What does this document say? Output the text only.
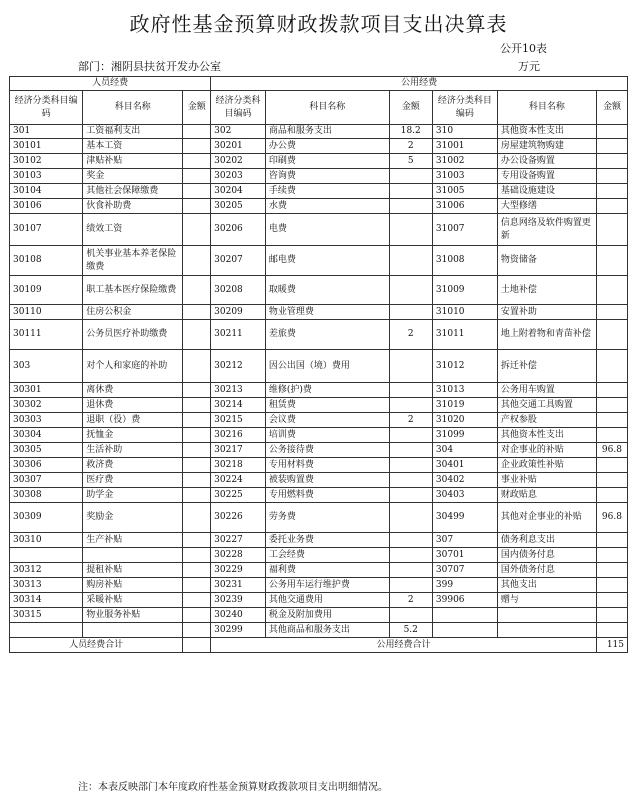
政府性基金预算财政拨款项目支出决算表
公开10表
部门：湘阴县扶贫开发办公室	万元
人员经费			公用经费					
经济分类科目编码	科目名称	金额	经济分类科目编码	科目名称	金额	经济分类科目编码	科目名称	金额
301	工资福利支出		302	商品和服务支出	18.2	310	其他资本性支出	
30101	基本工资		30201	办公费	2	31001	房屋建筑物购建	
30102	津贴补贴		30202	印刷费	5	31002	办公设备购置	
30103	奖金		30203	咨询费		31003	专用设备购置	
30104	其他社会保障缴费		30204	手续费		31005	基础设施建设	
30106	伙食补助费		30205	水费		31006	大型修缮	
30107	绩效工资		30206	电费		31007	信息网络及软件购置更新	
30108	机关事业基本养老保险缴费		30207	邮电费		31008	物资储备	
30109	职工基本医疗保险缴费		30208	取暖费		31009	土地补偿	
30110	住房公积金		30209	物业管理费		31010	安置补助	
30111	公务员医疗补助缴费		30211	差旅费	2	31011	地上附着物和青苗补偿	
303	对个人和家庭的补助		30212	因公出国（境）费用		31012	拆迁补偿	
30301	离休费		30213	维修(护)费		31013	公务用车购置	
30302	退休费		30214	租赁费		31019	其他交通工具购置	
30303	退职（役）费		30215	会议费	2	31020	产权参股	
30304	抚恤金		30216	培训费		31099	其他资本性支出	
30305	生活补助		30217	公务接待费		304	对企事业的补贴	96.8
30306	救济费		30218	专用材料费		30401	企业政策性补贴	
30307	医疗费		30224	被装购置费		30402	事业补贴	
30308	助学金		30225	专用燃料费		30403	财政贴息	
30309	奖励金		30226	劳务费		30499	其他对企事业的补贴	96.8
30310	生产补贴		30227	委托业务费		307	债务利息支出	
			30228	工会经费		30701	国内债务付息	
30312	提租补贴		30229	福利费		30707	国外债务付息	
30313	购房补贴		30231	公务用车运行维护费		399	其他支出	
30314	采暖补贴		30239	其他交通费用	2	39906	赠与	
30315	物业服务补贴		30240	税金及附加费用				
			30299	其他商品和服务支出	5.2			
人员经费合计			公用经费合计					115
注：本表反映部门本年度政府性基金预算财政拨款项目支出明细情况。
